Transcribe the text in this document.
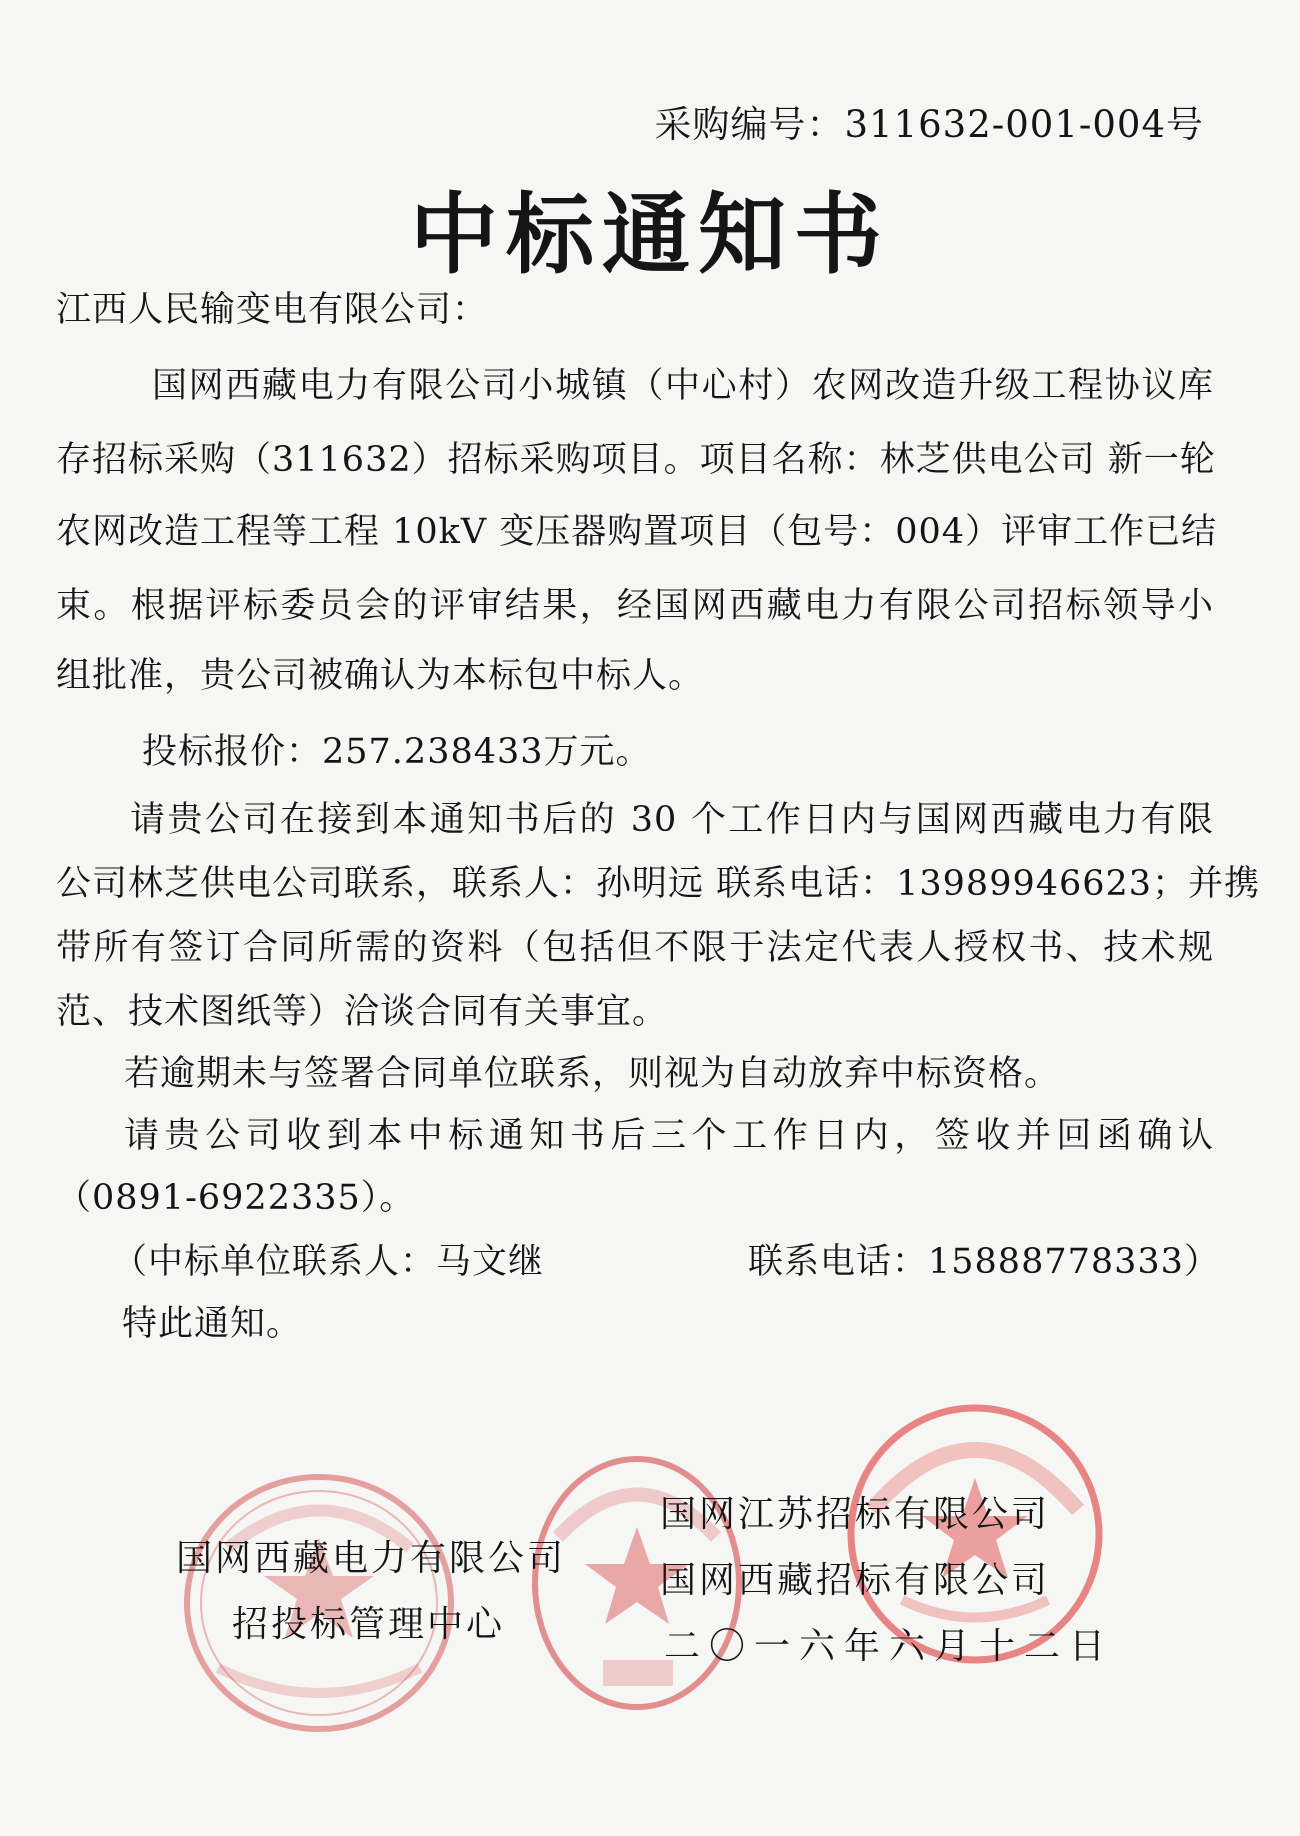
采购编号：311632-001-004号
中标通知书
江西人民输变电有限公司：
国网西藏电力有限公司小城镇（中心村）农网改造升级工程协议库
存招标采购（311632）招标采购项目。项目名称：林芝供电公司 新一轮
农网改造工程等工程 10kV 变压器购置项目（包号：004）评审工作已结
束。根据评标委员会的评审结果，经国网西藏电力有限公司招标领导小
组批准，贵公司被确认为本标包中标人。
投标报价：257.238433万元。
请贵公司在接到本通知书后的 30 个工作日内与国网西藏电力有限
公司林芝供电公司联系，联系人：孙明远 联系电话：13989946623；并携
带所有签订合同所需的资料（包括但不限于法定代表人授权书、技术规
范、技术图纸等）洽谈合同有关事宜。
若逾期未与签署合同单位联系，则视为自动放弃中标资格。
请贵公司收到本中标通知书后三个工作日内，签收并回函确认
（0891-6922335）。
（中标单位联系人：马文继	联系电话：15888778333）
特此通知。
国网西藏电力有限公司
招投标管理中心
国网江苏招标有限公司
国网西藏招标有限公司
二〇一六年六月十二日
